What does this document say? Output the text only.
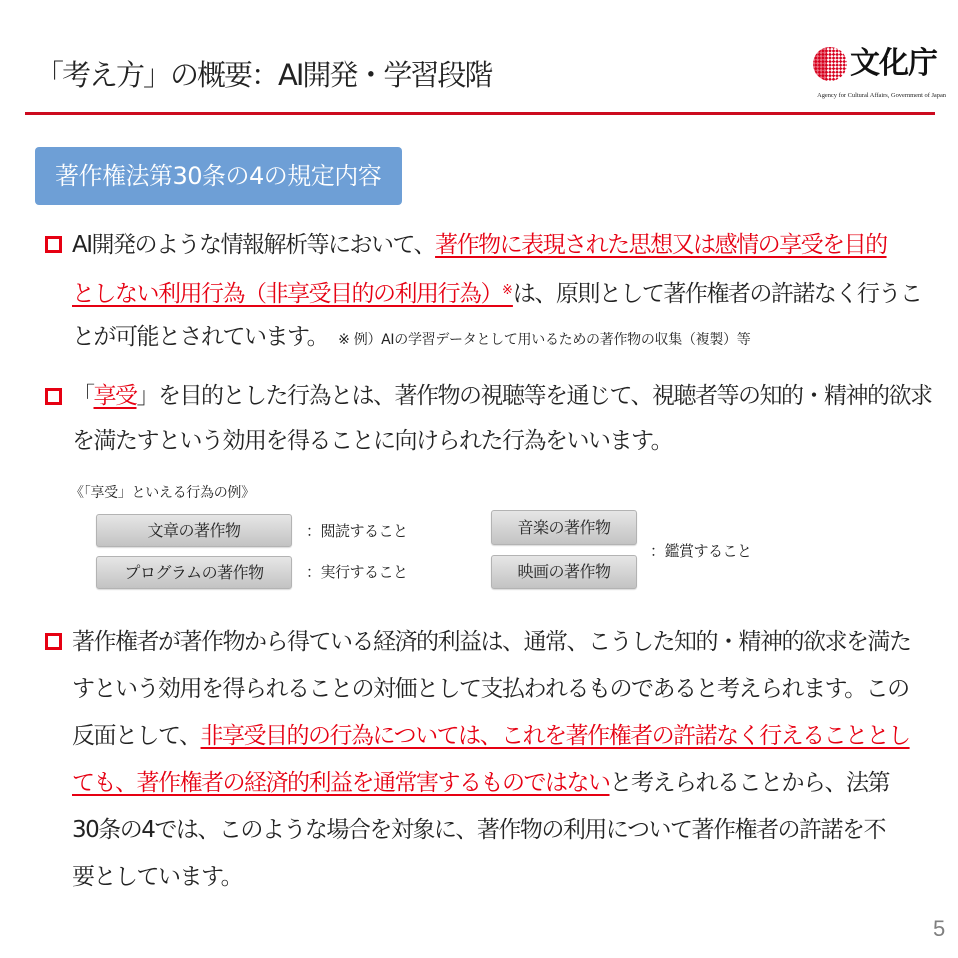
「考え方」の概要：AI開発・学習段階	文化庁
Agency for Cultural Affairs, Government of Japan
著作権法第30条の4の規定内容
AI開発のような情報解析等において、著作物に表現された思想又は感情の享受を目的
としない利用行為（非享受目的の利用行為）※は、原則として著作権者の許諾なく行うこ
とが可能とされています。 ※ 例）AIの学習データとして用いるための著作物の収集（複製）等
「享受」を目的とした行為とは、著作物の視聴等を通じて、視聴者等の知的・精神的欲求
を満たすという効用を得ることに向けられた行為をいいます。
《「享受」といえる行為の例》
文章の著作物	：閲読すること
プログラムの著作物	：実行すること
音楽の著作物
映画の著作物
：鑑賞すること
著作権者が著作物から得ている経済的利益は、通常、こうした知的・精神的欲求を満た
すという効用を得られることの対価として支払われるものであると考えられます。この
反面として、非享受目的の行為については、これを著作権者の許諾なく行えることとし
ても、著作権者の経済的利益を通常害するものではないと考えられることから、法第
30条の4では、このような場合を対象に、著作物の利用について著作権者の許諾を不
要としています。
5
